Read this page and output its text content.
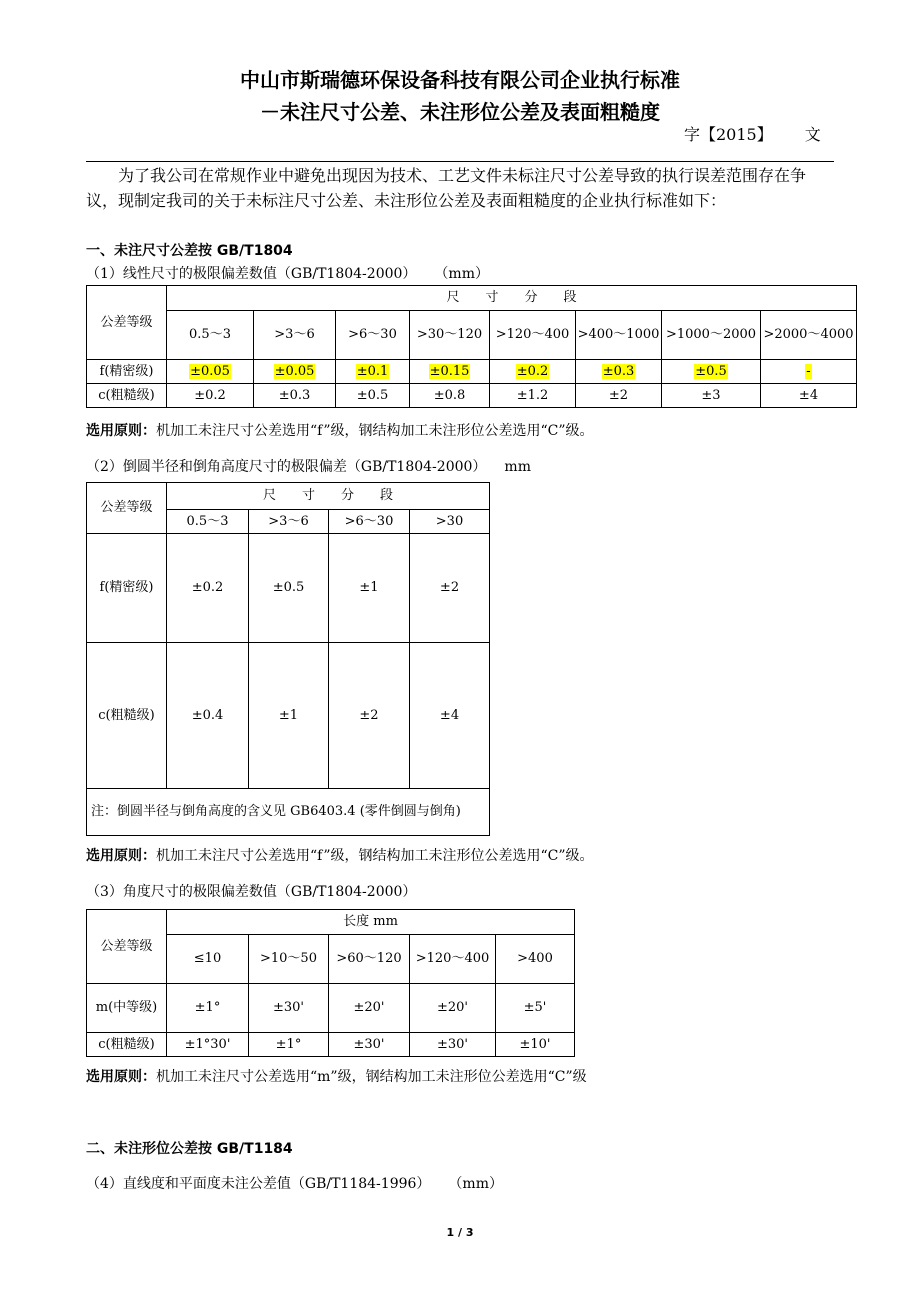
中山市斯瑞德环保设备科技有限公司企业执行标准
－未注尺寸公差、未注形位公差及表面粗糙度
字【2015】 文
为了我公司在常规作业中避免出现因为技术、工艺文件未标注尺寸公差导致的执行误差范围存在争议，现制定我司的关于未标注尺寸公差、未注形位公差及表面粗糙度的企业执行标准如下：
一、未注尺寸公差按 GB/T1804
（1）线性尺寸的极限偏差数值（GB/T1804-2000） （mm）
公差等级	尺　　寸　　分　　段							
	0.5～3	>3～6	>6～30	>30～120	>120～400	>400～1000	>1000～2000	>2000～4000
f(精密级)	±0.05	±0.05	±0.1	±0.15	±0.2	±0.3	±0.5	-
c(粗糙级)	±0.2	±0.3	±0.5	±0.8	±1.2	±2	±3	±4
选用原则：机加工未注尺寸公差选用“f”级，钢结构加工未注形位公差选用“C”级。
（2）倒圆半径和倒角高度尺寸的极限偏差（GB/T1804-2000） mm
公差等级	尺　　寸　　分　　段			
	0.5～3	>3～6	>6～30	>30
f(精密级)	±0.2	±0.5	±1	±2
c(粗糙级)	±0.4	±1	±2	±4
注：倒圆半径与倒角高度的含义见 GB6403.4 (零件倒圆与倒角)				
选用原则：机加工未注尺寸公差选用“f”级，钢结构加工未注形位公差选用“C”级。
（3）角度尺寸的极限偏差数值（GB/T1804-2000）
公差等级	长度 mm				
	≤10	>10～50	>60～120	>120～400	>400
m(中等级)	±1°	±30'	±20'	±20'	±5'
c(粗糙级)	±1°30'	±1°	±30'	±30'	±10'
选用原则：机加工未注尺寸公差选用“m”级，钢结构加工未注形位公差选用“C”级
二、未注形位公差按 GB/T1184
（4）直线度和平面度未注公差值（GB/T1184-1996） （mm）
1 / 3
